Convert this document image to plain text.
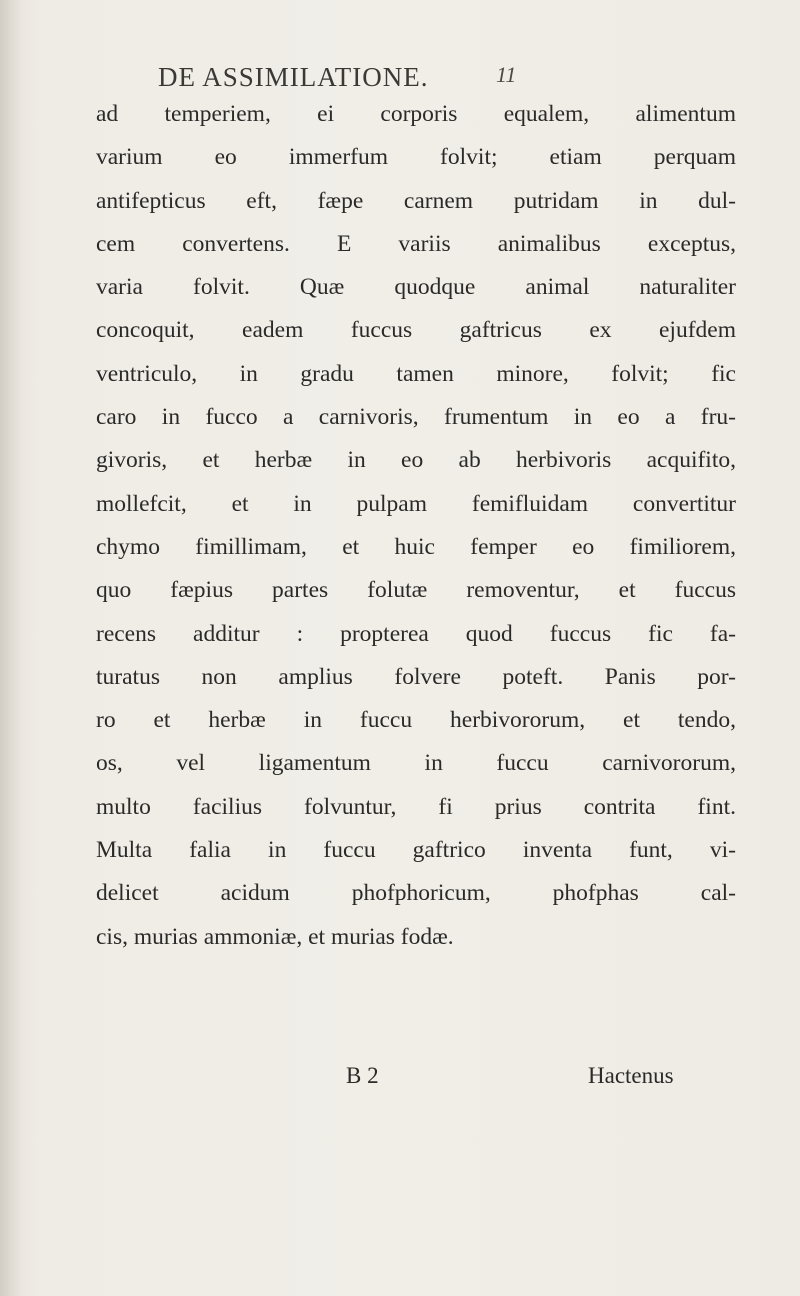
DE ASSIMILATIONE.	11
ad temperiem, ei corporis equalem, alimentum
varium eo immerfum folvit; etiam perquam
antifepticus eft, fæpe carnem putridam in dul-
cem convertens. E variis animalibus exceptus,
varia folvit. Quæ quodque animal naturaliter
concoquit, eadem fuccus gaftricus ex ejufdem
ventriculo, in gradu tamen minore, folvit; fic
caro in fucco a carnivoris, frumentum in eo a fru-
givoris, et herbæ in eo ab herbivoris acquifito,
mollefcit, et in pulpam femifluidam convertitur
chymo fimillimam, et huic femper eo fimiliorem,
quo fæpius partes folutæ removentur, et fuccus
recens additur : propterea quod fuccus fic fa-
turatus non amplius folvere poteft. Panis por-
ro et herbæ in fuccu herbivororum, et tendo,
os, vel ligamentum in fuccu carnivororum,
multo facilius folvuntur, fi prius contrita fint.
Multa falia in fuccu gaftrico inventa funt, vi-
delicet acidum phofphoricum, phofphas cal-
cis, murias ammoniæ, et murias fodæ.
B 2	Hactenus
